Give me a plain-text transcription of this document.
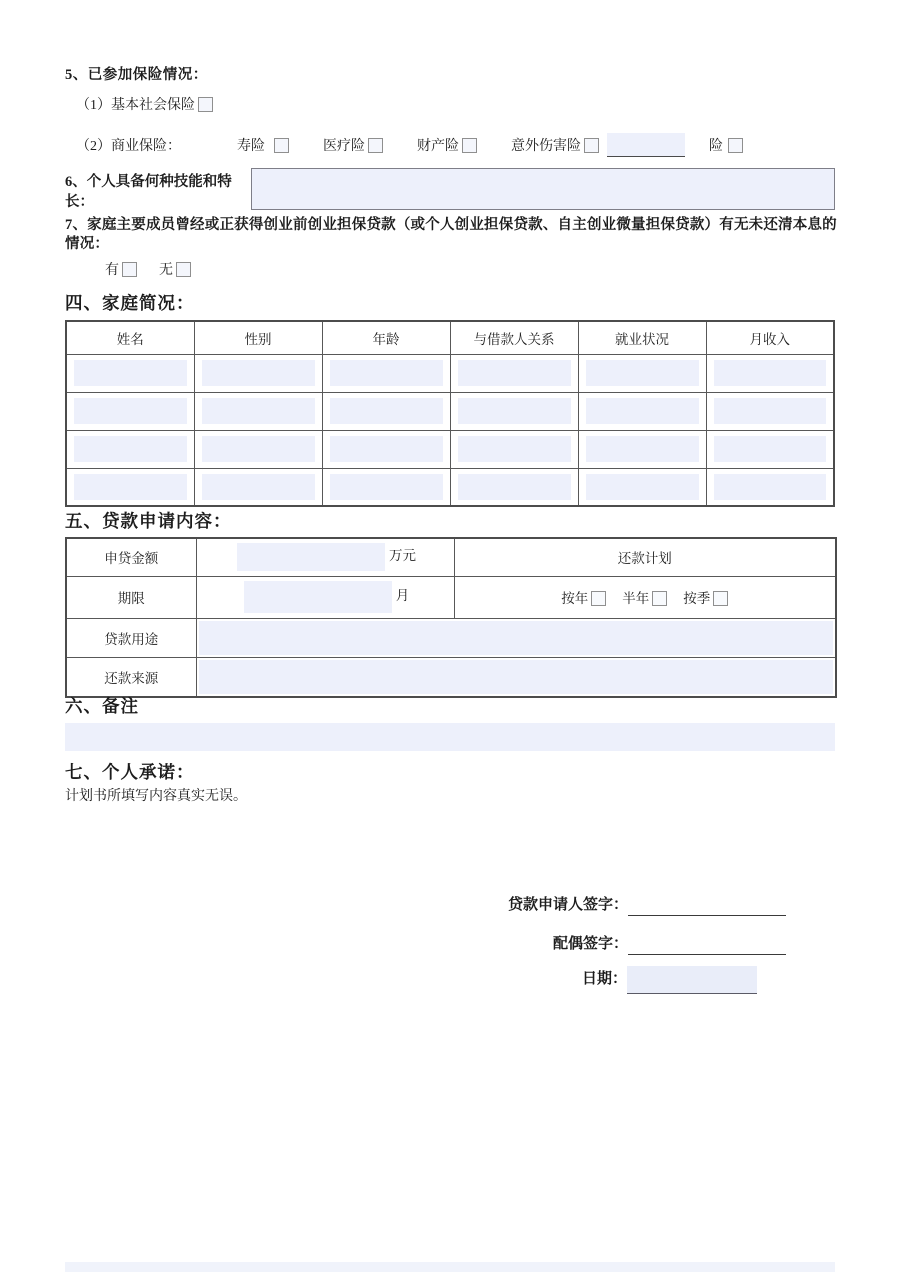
5、已参加保险情况：
（1）基本社会保险
（2）商业保险：	寿险	医疗险	财产险	意外伤害险	险
6、个人具备何种技能和特长：
7、家庭主要成员曾经或正获得创业前创业担保贷款（或个人创业担保贷款、自主创业微量担保贷款）有无未还清本息的情况：
有	无
四、家庭简况：
姓名	性别	年龄	与借款人关系	就业状况	月收入

五、贷款申请内容：
申贷金额	万元	还款计划
期限	月	按年 半年 按季

贷款用途		

还款来源		
六、备注
七、个人承诺：
计划书所填写内容真实无误。
贷款申请人签字：
配偶签字：
日期：
